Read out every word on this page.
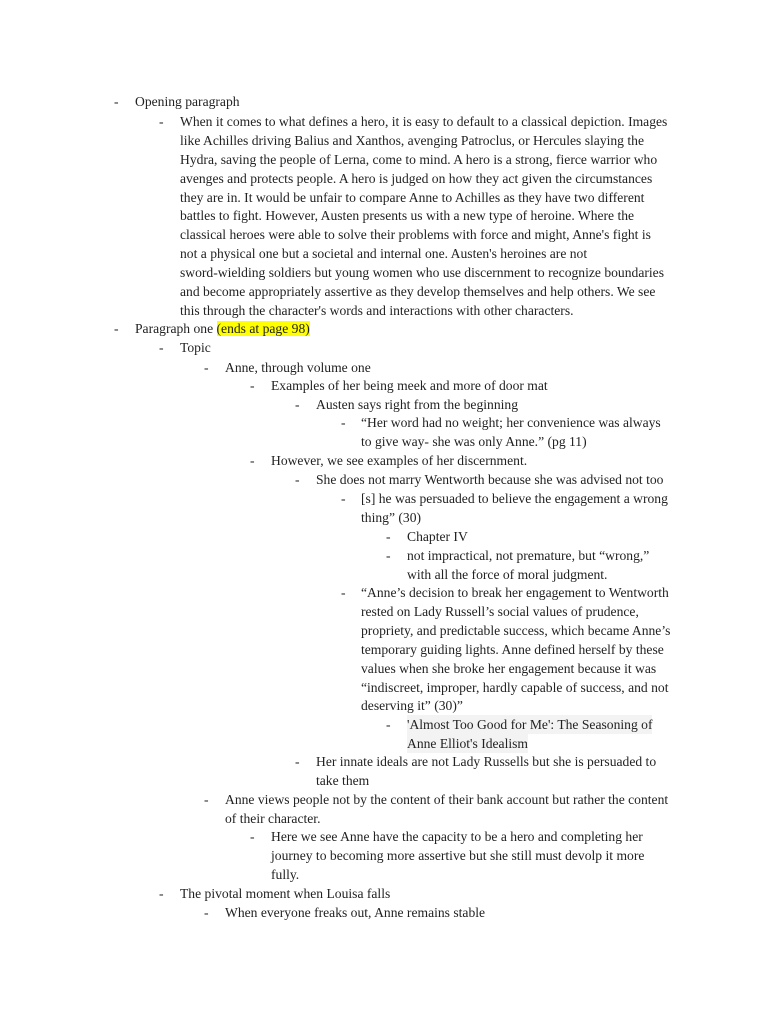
- Opening paragraph
- When it comes to what defines a hero, it is easy to default to a classical depiction. Images
like Achilles driving Balius and Xanthos, avenging Patroclus, or Hercules slaying the
Hydra, saving the people of Lerna, come to mind. A hero is a strong, fierce warrior who
avenges and protects people. A hero is judged on how they act given the circumstances
they are in. It would be unfair to compare Anne to Achilles as they have two different
battles to fight. However, Austen presents us with a new type of heroine. Where the
classical heroes were able to solve their problems with force and might, Anne's fight is
not a physical one but a societal and internal one. Austen's heroines are not
sword-wielding soldiers but young women who use discernment to recognize boundaries
and become appropriately assertive as they develop themselves and help others. We see
this through the character's words and interactions with other characters.
- Paragraph one (ends at page 98)
- Topic
- Anne, through volume one
- Examples of her being meek and more of door mat
- Austen says right from the beginning
- “Her word had no weight; her convenience was always
to give way- she was only Anne.” (pg 11)
- However, we see examples of her discernment.
- She does not marry Wentworth because she was advised not too
- [s] he was persuaded to believe the engagement a wrong
thing” (30)
- Chapter IV
- not impractical, not premature, but “wrong,”
with all the force of moral judgment.
- “Anne’s decision to break her engagement to Wentworth
rested on Lady Russell’s social values of prudence,
propriety, and predictable success, which became Anne’s
temporary guiding lights. Anne defined herself by these
values when she broke her engagement because it was
“indiscreet, improper, hardly capable of success, and not
deserving it” (30)”
- 'Almost Too Good for Me': The Seasoning of
Anne Elliot's Idealism
- Her innate ideals are not Lady Russells but she is persuaded to
take them
- Anne views people not by the content of their bank account but rather the content
of their character.
- Here we see Anne have the capacity to be a hero and completing her
journey to becoming more assertive but she still must devolp it more
fully.
- The pivotal moment when Louisa falls
- When everyone freaks out, Anne remains stable
